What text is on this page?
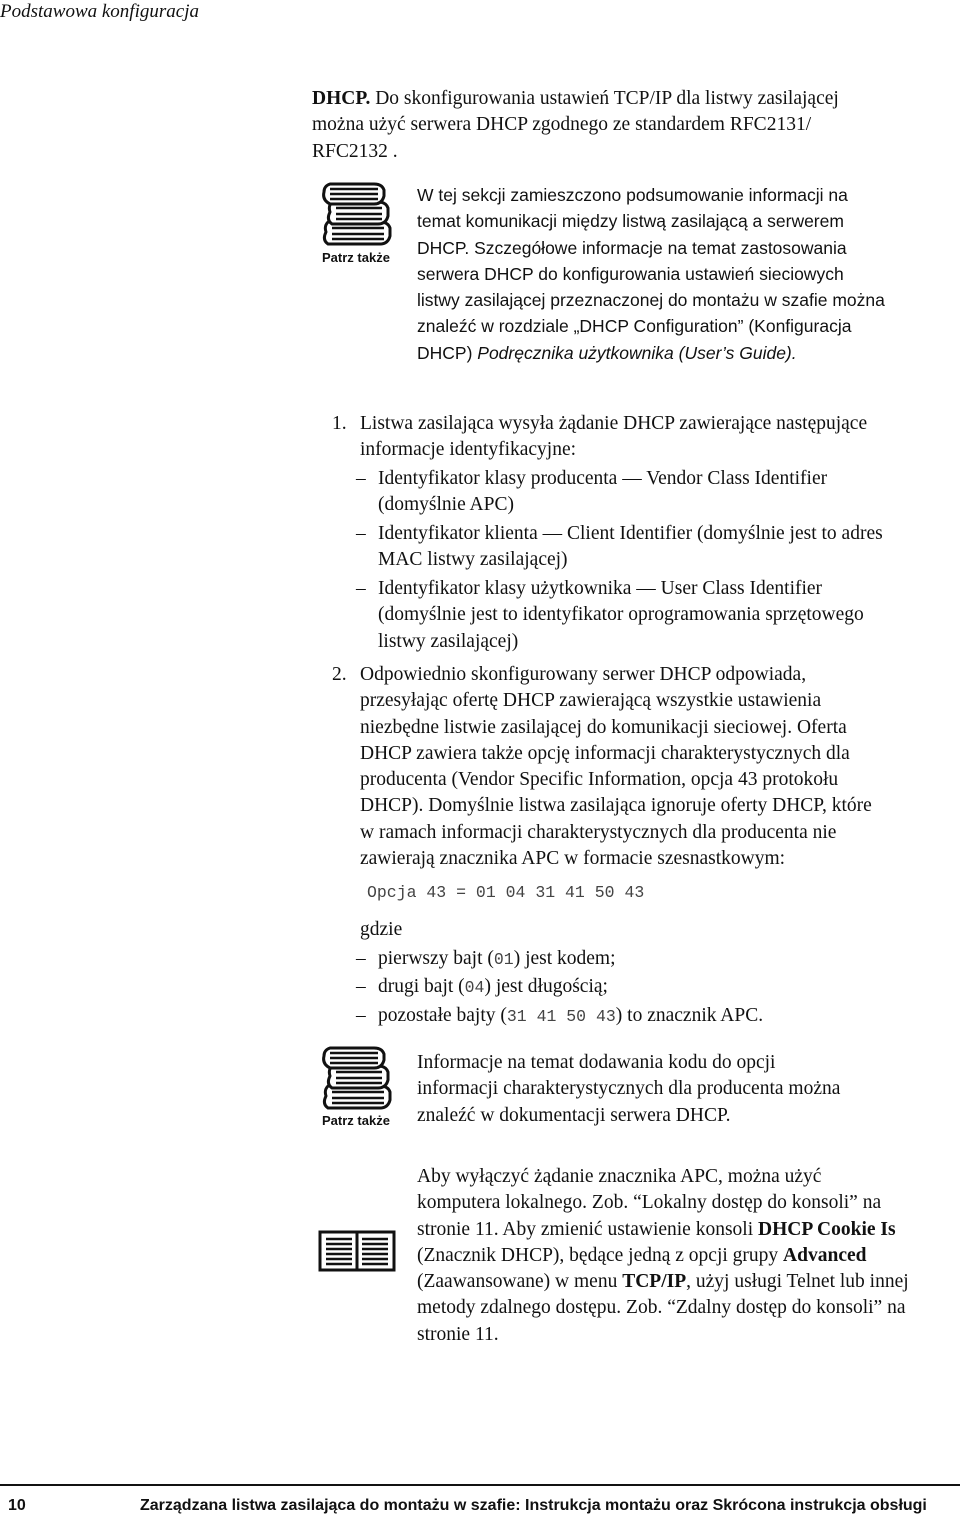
Podstawowa konfiguracja
DHCP. Do skonfigurowania ustawień TCP/IP dla listwy zasilającej
można użyć serwera DHCP zgodnego ze standardem RFC2131/
RFC2132 .
Patrz także
W tej sekcji zamieszczono podsumowanie informacji na
temat komunikacji między listwą zasilającą a serwerem
DHCP. Szczegółowe informacje na temat zastosowania
serwera DHCP do konfigurowania ustawień sieciowych
listwy zasilającej przeznaczonej do montażu w szafie można
znaleźć w rozdziale „DHCP Configuration” (Konfiguracja
DHCP) Podręcznika użytkownika (User’s Guide).
1. Listwa zasilająca wysyła żądanie DHCP zawierające następujące
informacje identyfikacyjne:
– Identyfikator klasy producenta — Vendor Class Identifier
(domyślnie APC)
– Identyfikator klienta — Client Identifier (domyślnie jest to adres
MAC listwy zasilającej)
– Identyfikator klasy użytkownika — User Class Identifier
(domyślnie jest to identyfikator oprogramowania sprzętowego
listwy zasilającej)
2. Odpowiednio skonfigurowany serwer DHCP odpowiada,
przesyłając ofertę DHCP zawierającą wszystkie ustawienia
niezbędne listwie zasilającej do komunikacji sieciowej. Oferta
DHCP zawiera także opcję informacji charakterystycznych dla
producenta (Vendor Specific Information, opcja 43 protokołu
DHCP). Domyślnie listwa zasilająca ignoruje oferty DHCP, które
w ramach informacji charakterystycznych dla producenta nie
zawierają znacznika APC w formacie szesnastkowym:
Opcja 43 = 01 04 31 41 50 43
gdzie
– pierwszy bajt (01) jest kodem;
– drugi bajt (04) jest długością;
– pozostałe bajty (31 41 50 43) to znacznik APC.
Patrz także
Informacje na temat dodawania kodu do opcji
informacji charakterystycznych dla producenta można
znaleźć w dokumentacji serwera DHCP.
Aby wyłączyć żądanie znacznika APC, można użyć
komputera lokalnego. Zob. “Lokalny dostęp do konsoli” na
stronie 11. Aby zmienić ustawienie konsoli DHCP Cookie Is
(Znacznik DHCP), będące jedną z opcji grupy Advanced
(Zaawansowane) w menu TCP/IP, użyj usługi Telnet lub innej
metody zdalnego dostępu. Zob. “Zdalny dostęp do konsoli” na
stronie 11.
10	Zarządzana listwa zasilająca do montażu w szafie: Instrukcja montażu oraz Skrócona instrukcja obsługi
